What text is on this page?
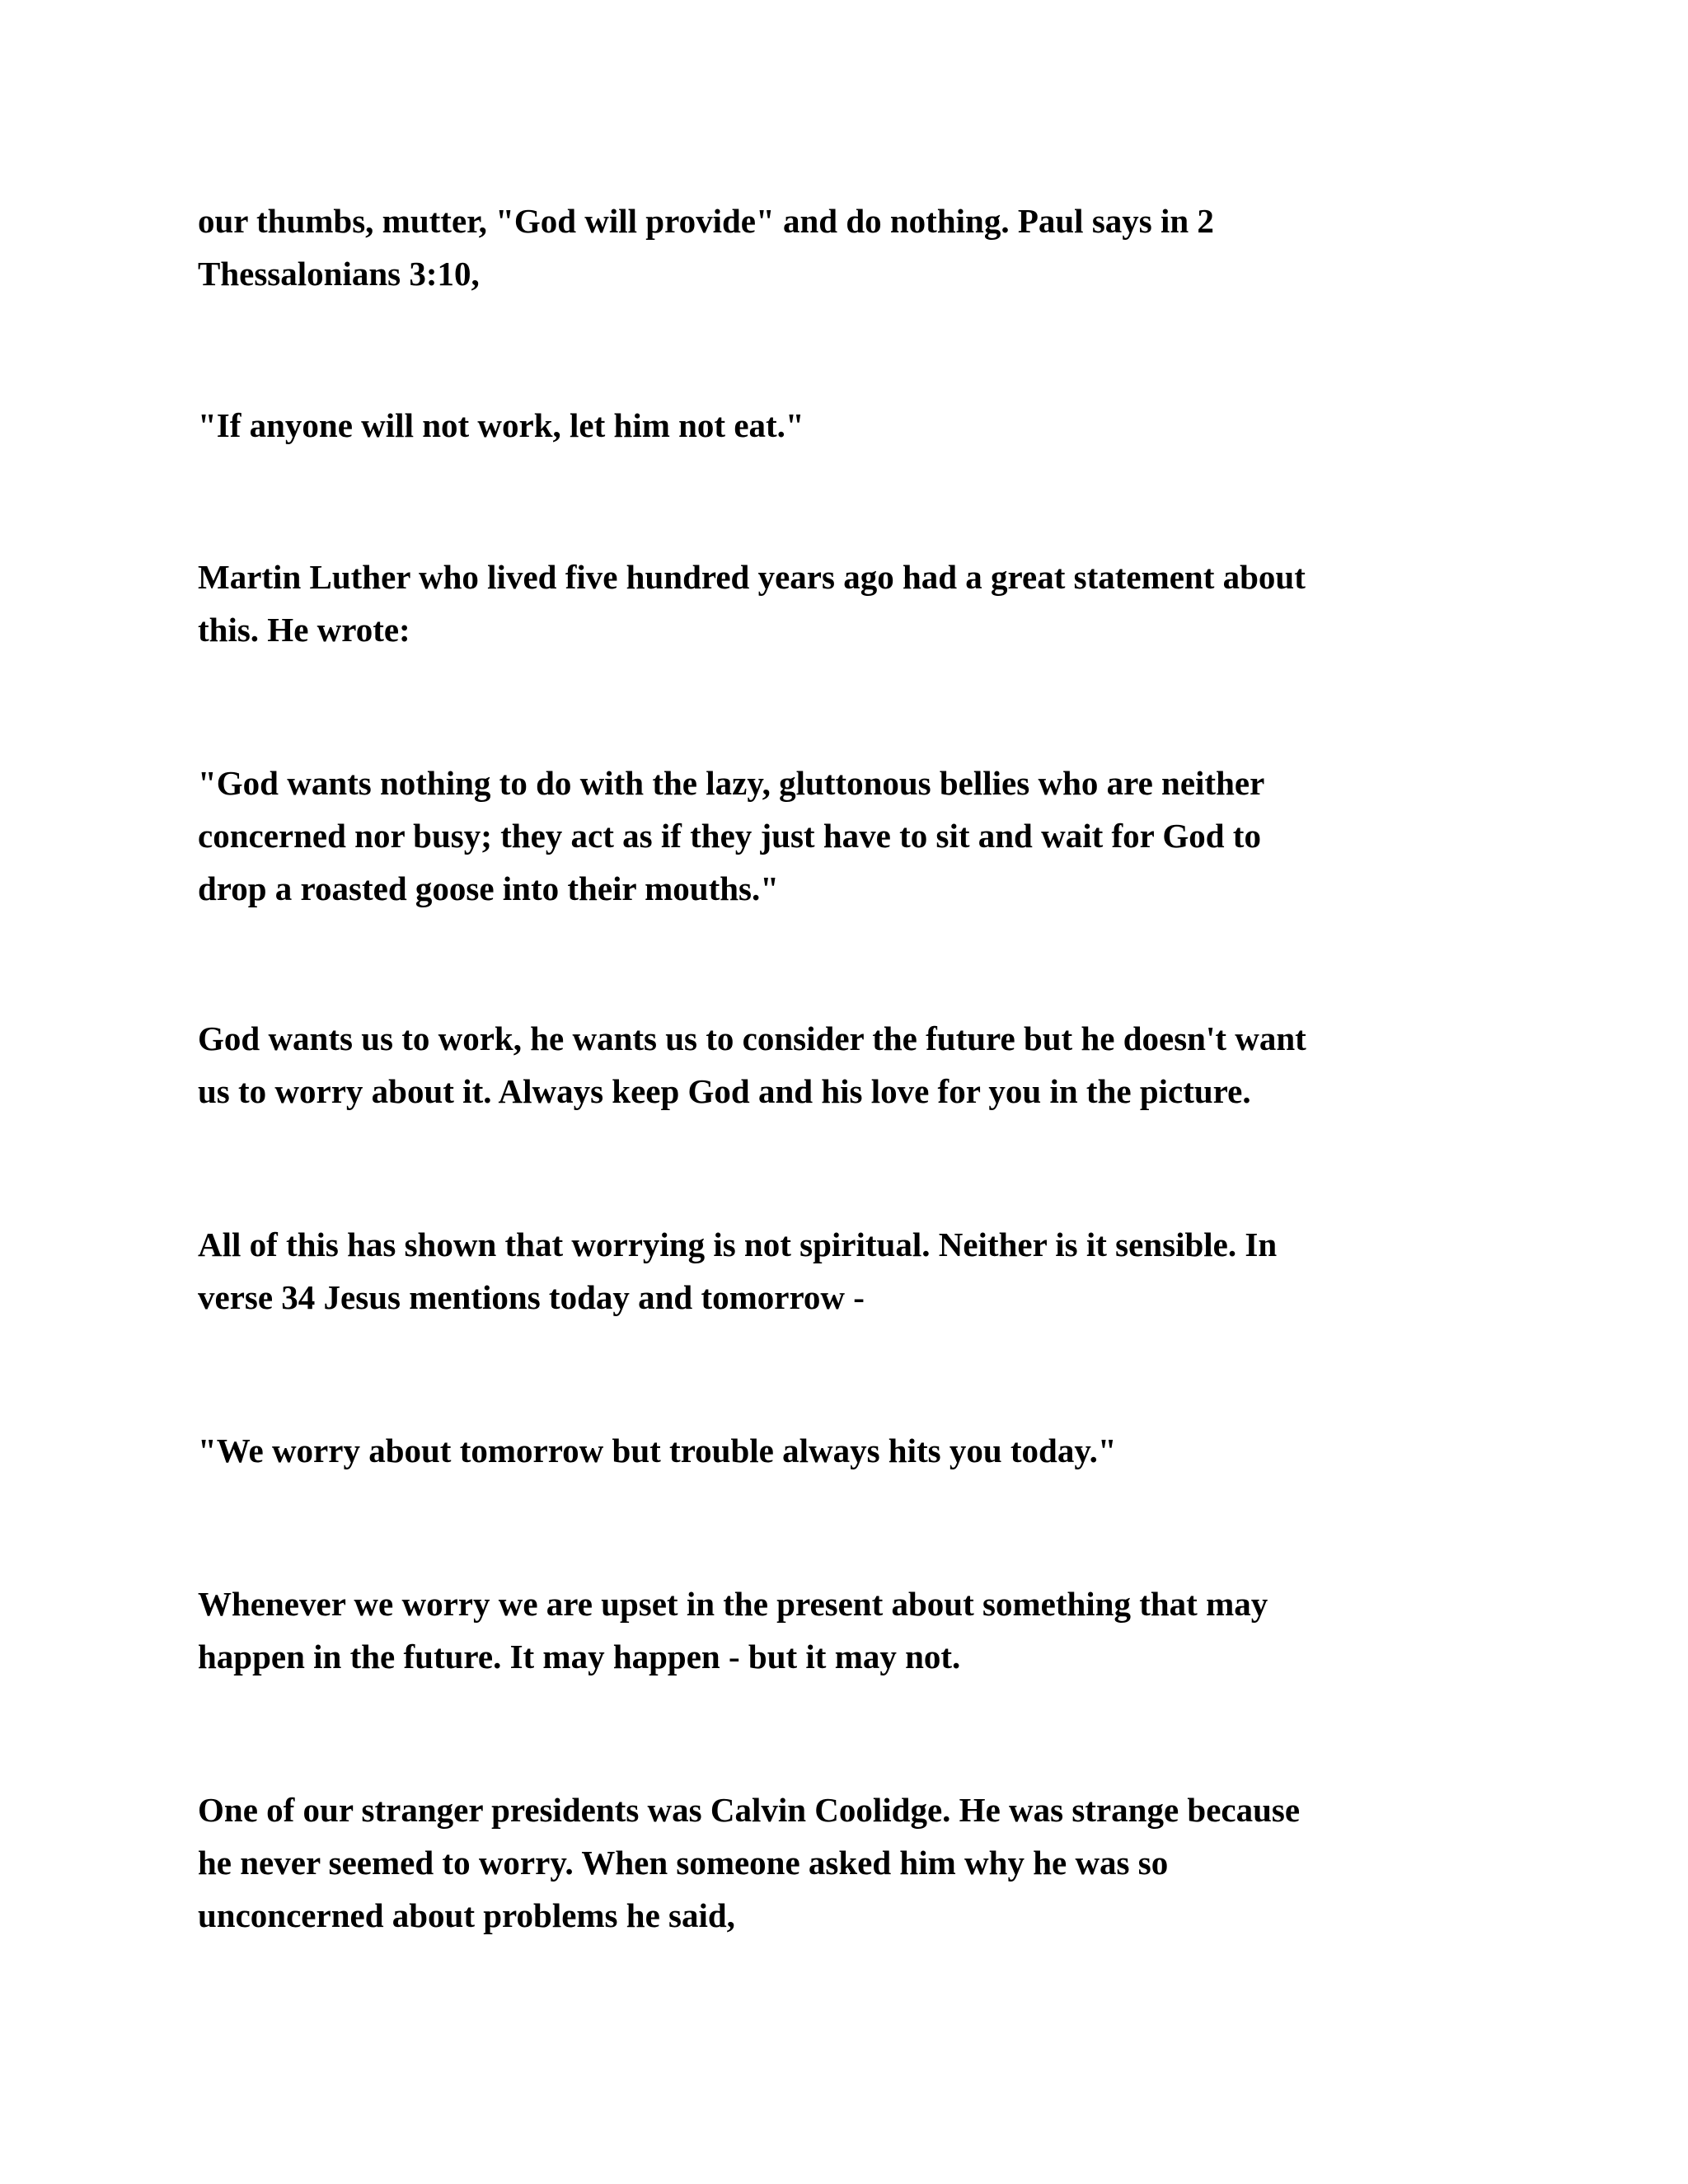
our thumbs, mutter, "God will provide" and do nothing. Paul says in 2
Thessalonians 3:10,

"If anyone will not work, let him not eat."

Martin Luther who lived five hundred years ago had a great statement about
this. He wrote:

"God wants nothing to do with the lazy, gluttonous bellies who are neither
concerned nor busy; they act as if they just have to sit and wait for God to
drop a roasted goose into their mouths."

God wants us to work, he wants us to consider the future but he doesn't want
us to worry about it. Always keep God and his love for you in the picture.

All of this has shown that worrying is not spiritual. Neither is it sensible. In
verse 34 Jesus mentions today and tomorrow -

"We worry about tomorrow but trouble always hits you today."

Whenever we worry we are upset in the present about something that may
happen in the future. It may happen - but it may not.

One of our stranger presidents was Calvin Coolidge. He was strange because
he never seemed to worry. When someone asked him why he was so
unconcerned about problems he said,
